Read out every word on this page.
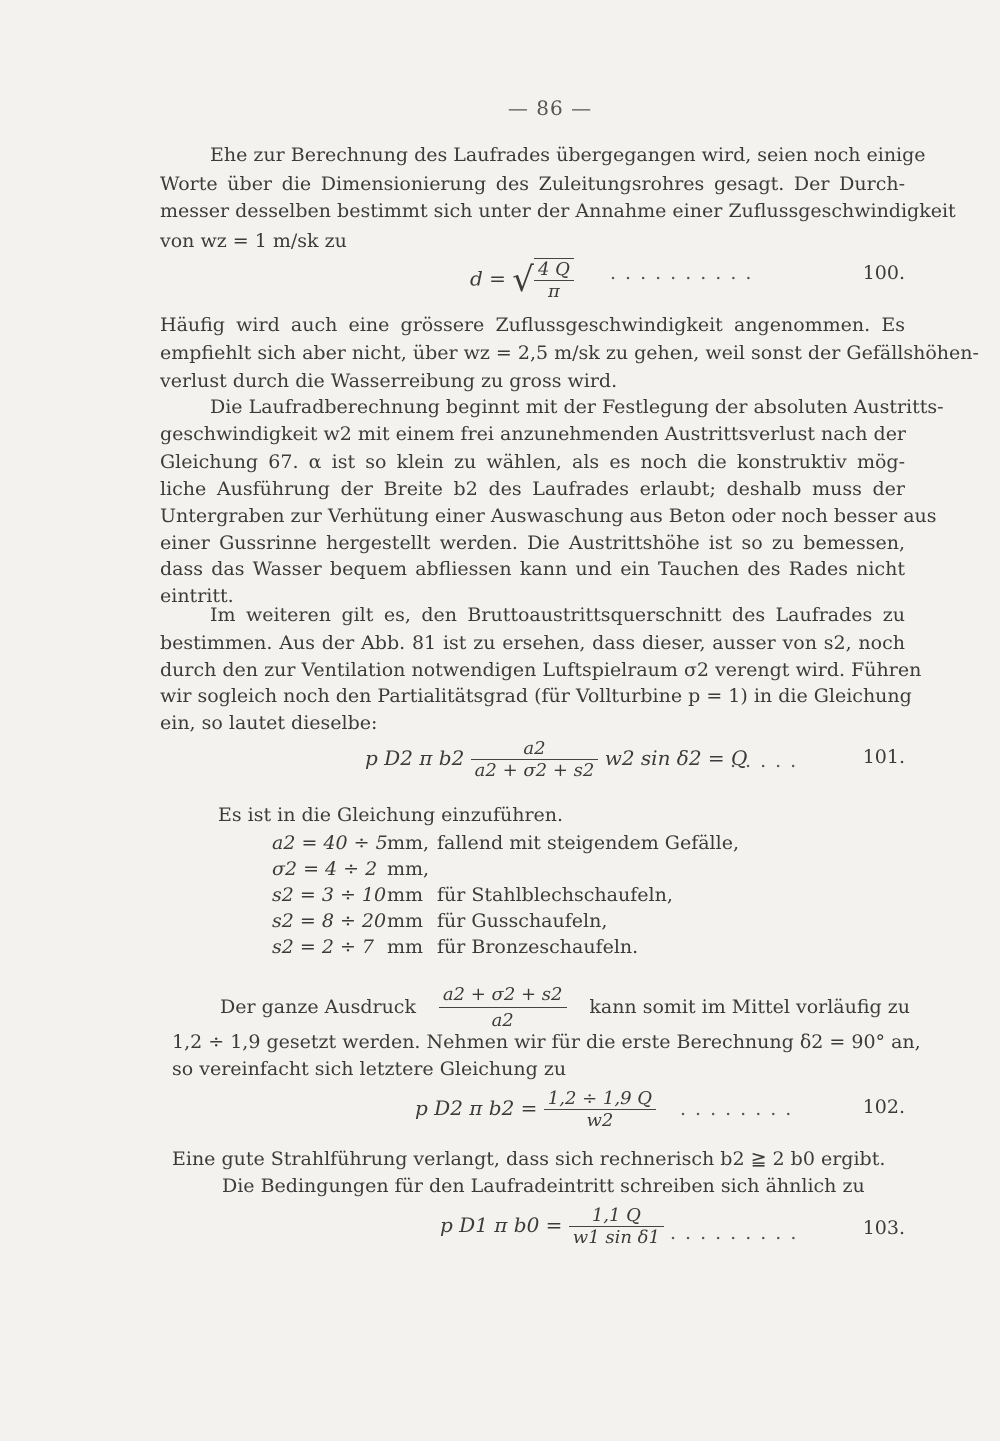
— 86 —
Ehe zur Berechnung des Laufrades übergegangen wird, seien noch einige
Worte über die Dimensionierung des Zuleitungsrohres gesagt. Der Durch-
messer desselben bestimmt sich unter der Annahme einer Zuflussgeschwindigkeit
von wz = 1 m/sk zu
d = √ $\frac{4 Q}{\pi}$ ..........	100.
Häufig wird auch eine grössere Zuflussgeschwindigkeit angenommen. Es
empfiehlt sich aber nicht, über wz = 2,5 m/sk zu gehen, weil sonst der Gefällshöhen-
verlust durch die Wasserreibung zu gross wird.
Die Laufradberechnung beginnt mit der Festlegung der absoluten Austritts-
geschwindigkeit w2 mit einem frei anzunehmenden Austrittsverlust nach der
Gleichung 67. α ist so klein zu wählen, als es noch die konstruktiv mög-
liche Ausführung der Breite b2 des Laufrades erlaubt; deshalb muss der
Untergraben zur Verhütung einer Auswaschung aus Beton oder noch besser aus
einer Gussrinne hergestellt werden. Die Austrittshöhe ist so zu bemessen,
dass das Wasser bequem abfliessen kann und ein Tauchen des Rades nicht
eintritt.
Im weiteren gilt es, den Bruttoaustrittsquerschnitt des Laufrades zu
bestimmen. Aus der Abb. 81 ist zu ersehen, dass dieser, ausser von s2, noch
durch den zur Ventilation notwendigen Luftspielraum σ2 verengt wird. Führen
wir sogleich noch den Partialitätsgrad (für Vollturbine p = 1) in die Gleichung
ein, so lautet dieselbe:
p D2 π $b2 \frac{a2}{a2 + \sigma 2 + s2} w2$ sin δ2 = Q
.....	101.
Es ist in die Gleichung einzuführen.
a2 = 40 ÷ 5mm, fallend mit steigendem Gefälle,
σ2 = 4 ÷ 2 mm,
s2 = 3 ÷ 10mm für Stahlblechschaufeln,
s2 = 8 ÷ 20mm für Gusschaufeln,
s2 = 2 ÷ 7 mm für Bronzeschaufeln.
Der ganze Ausdruck $\frac{a2 + \sigma 2 + s2}{a2}$ kann somit im Mittel vorläufig zu
1,2 ÷ 1,9 gesetzt werden. Nehmen wir für die erste Berechnung δ2 = 90° an,
so vereinfacht sich letztere Gleichung zu
p D2 π $b2 = \frac{1,2 \div 1,9 Q}{w2}$ ........	102.
Eine gute Strahlführung verlangt, dass sich rechnerisch b2 ≧ 2 b0 ergibt.
Die Bedingungen für den Laufradeintritt schreiben sich ähnlich zu
p D1 π $b0 = \frac{1,1 Q}{\text{w1 sin δ1}}$ .........	103.
